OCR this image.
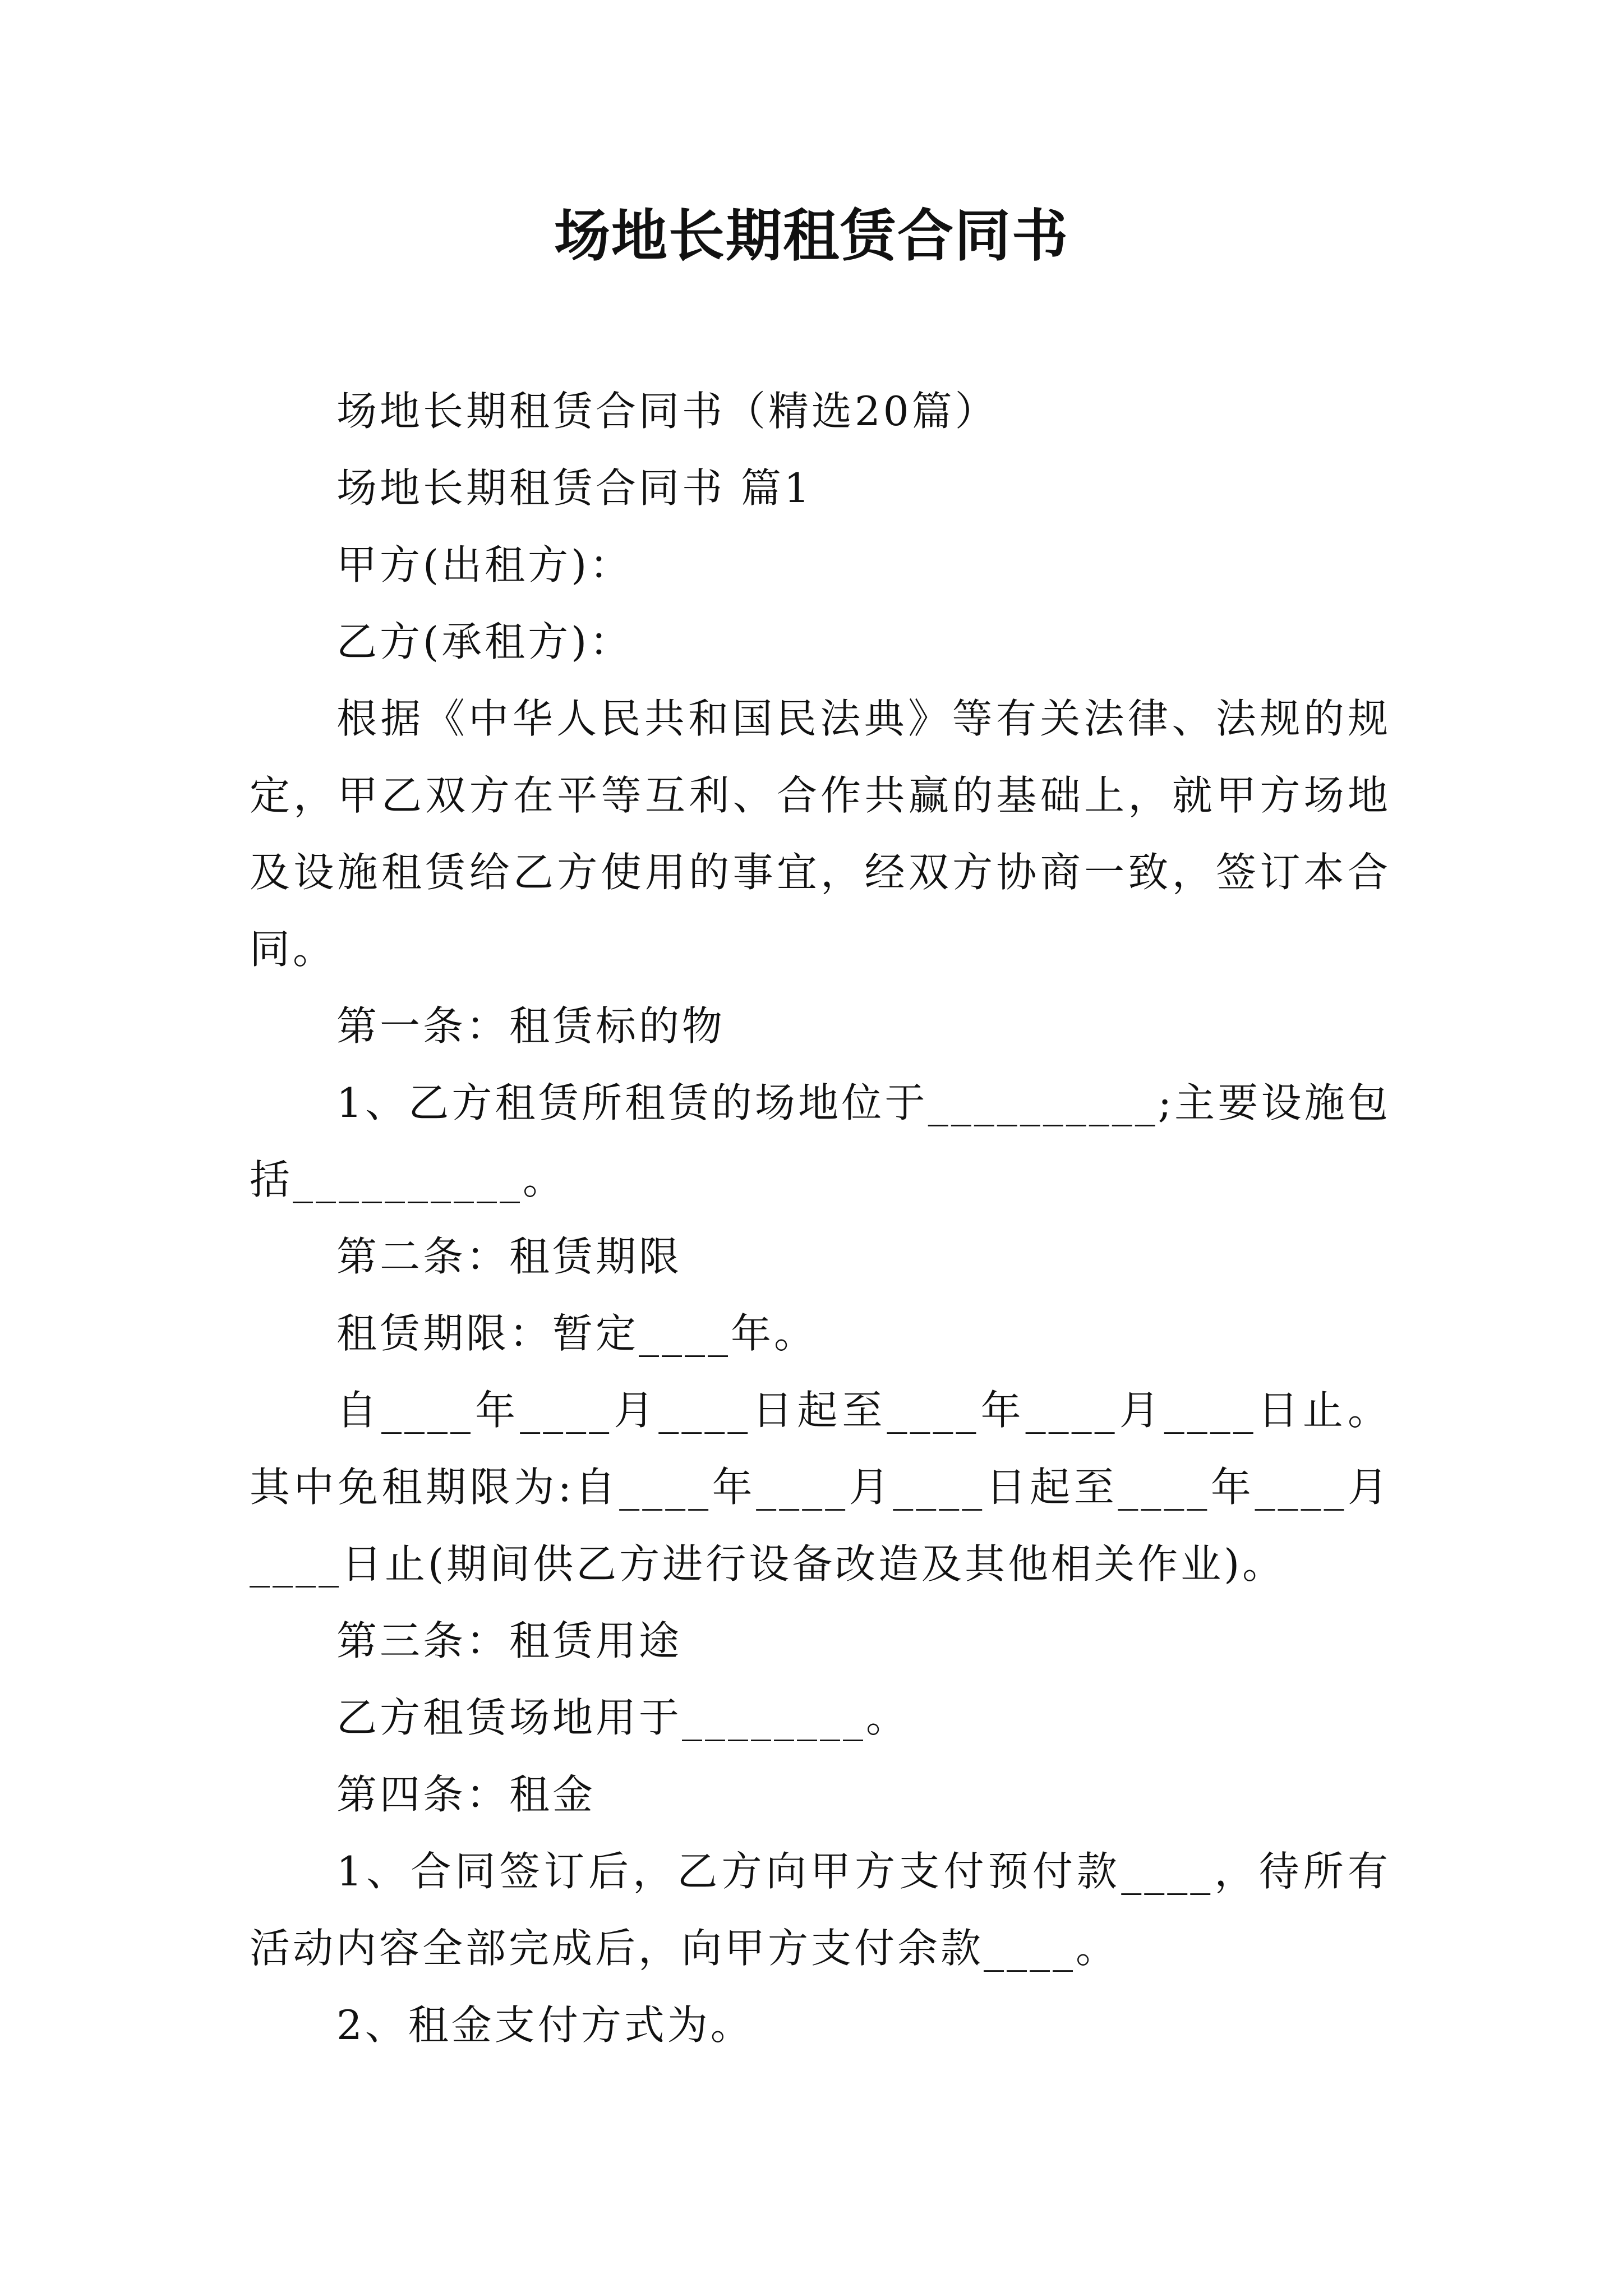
场地长期租赁合同书

场地长期租赁合同书（精选20篇）

场地长期租赁合同书 篇1

甲方(出租方)：

乙方(承租方)：

根据《中华人民共和国民法典》等有关法律、法规的规定，甲乙双方在平等互利、合作共赢的基础上，就甲方场地及设施租赁给乙方使用的事宜，经双方协商一致，签订本合同。

第一条：租赁标的物

1、乙方租赁所租赁的场地位于__________;主要设施包括__________。

第二条：租赁期限

租赁期限：暂定____年。

自____年____月____日起至____年____月____日止。其中免租期限为:自____年____月____日起至____年____月____日止(期间供乙方进行设备改造及其他相关作业)。

第三条：租赁用途

乙方租赁场地用于________。

第四条：租金

1、合同签订后，乙方向甲方支付预付款____，待所有活动内容全部完成后，向甲方支付余款____。

2、租金支付方式为。
